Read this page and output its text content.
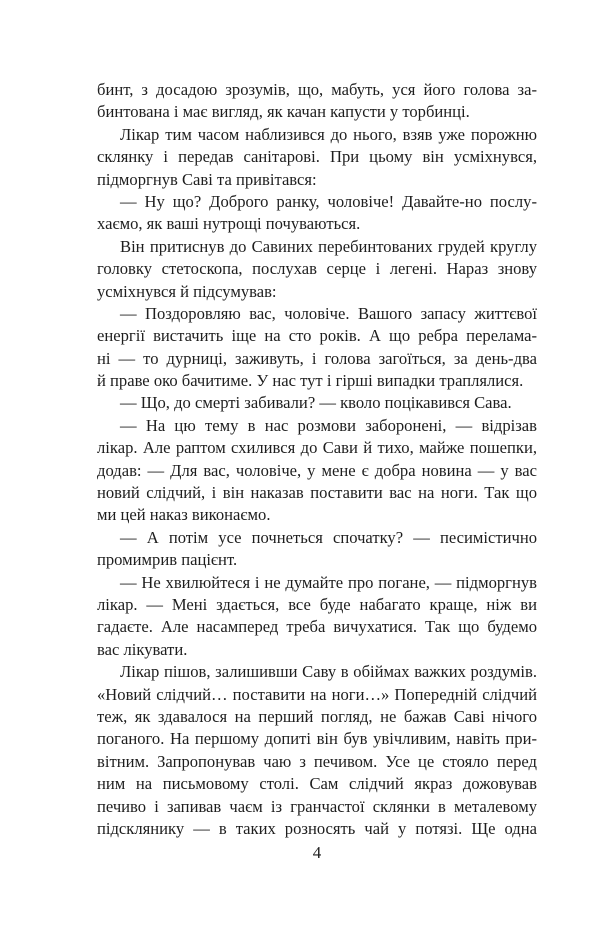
бинт, з досадою зрозумів, що, мабуть, уся його голова за-
бинтована і має вигляд, як качан капусти у торбинці.
Лікар тим часом наблизився до нього, взяв уже порожню
склянку і передав санітарові. При цьому він усміхнувся,
підморгнув Саві та привітався:
— Ну що? Доброго ранку, чоловіче! Давайте-но послу-
хаємо, як ваші нутрощі почуваються.
Він притиснув до Савиних перебинтованих грудей круглу
головку стетоскопа, послухав серце і легені. Нараз знову
усміхнувся й підсумував:
— Поздоровляю вас, чоловіче. Вашого запасу життєвої
енергії вистачить іще на сто років. А що ребра перелама-
ні — то дурниці, заживуть, і голова загоїться, за день-два
й праве око бачитиме. У нас тут і гірші випадки траплялися.
— Що, до смерті забивали? — кволо поцікавився Сава.
— На цю тему в нас розмови заборонені, — відрізав
лікар. Але раптом схилився до Сави й тихо, майже пошепки,
додав: — Для вас, чоловіче, у мене є добра новина — у вас
новий слідчий, і він наказав поставити вас на ноги. Так що
ми цей наказ виконаємо.
— А потім усе почнеться спочатку? — песимістично
промимрив пацієнт.
— Не хвилюйтеся і не думайте про погане, — підморгнув
лікар. — Мені здається, все буде набагато краще, ніж ви
гадаєте. Але насамперед треба вичухатися. Так що будемо
вас лікувати.
Лікар пішов, залишивши Саву в обіймах важких роздумів.
«Новий слідчий… поставити на ноги…» Попередній слідчий
теж, як здавалося на перший погляд, не бажав Саві нічого
поганого. На першому допиті він був увічливим, навіть при-
вітним. Запропонував чаю з печивом. Усе це стояло перед
ним на письмовому столі. Сам слідчий якраз дожовував
печиво і запивав чаєм із гранчастої склянки в металевому
підсклянику — в таких розносять чай у потязі. Ще одна
4
